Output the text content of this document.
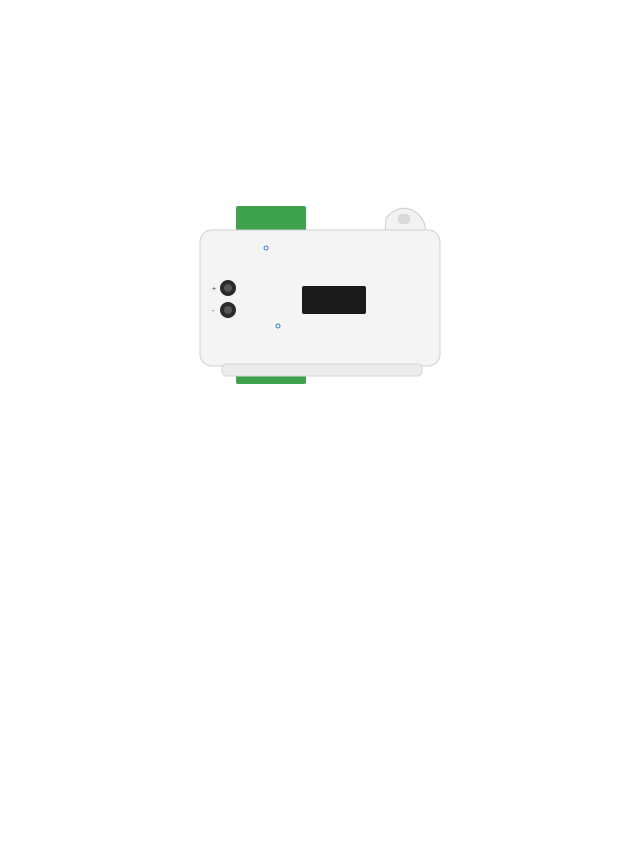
+
-
